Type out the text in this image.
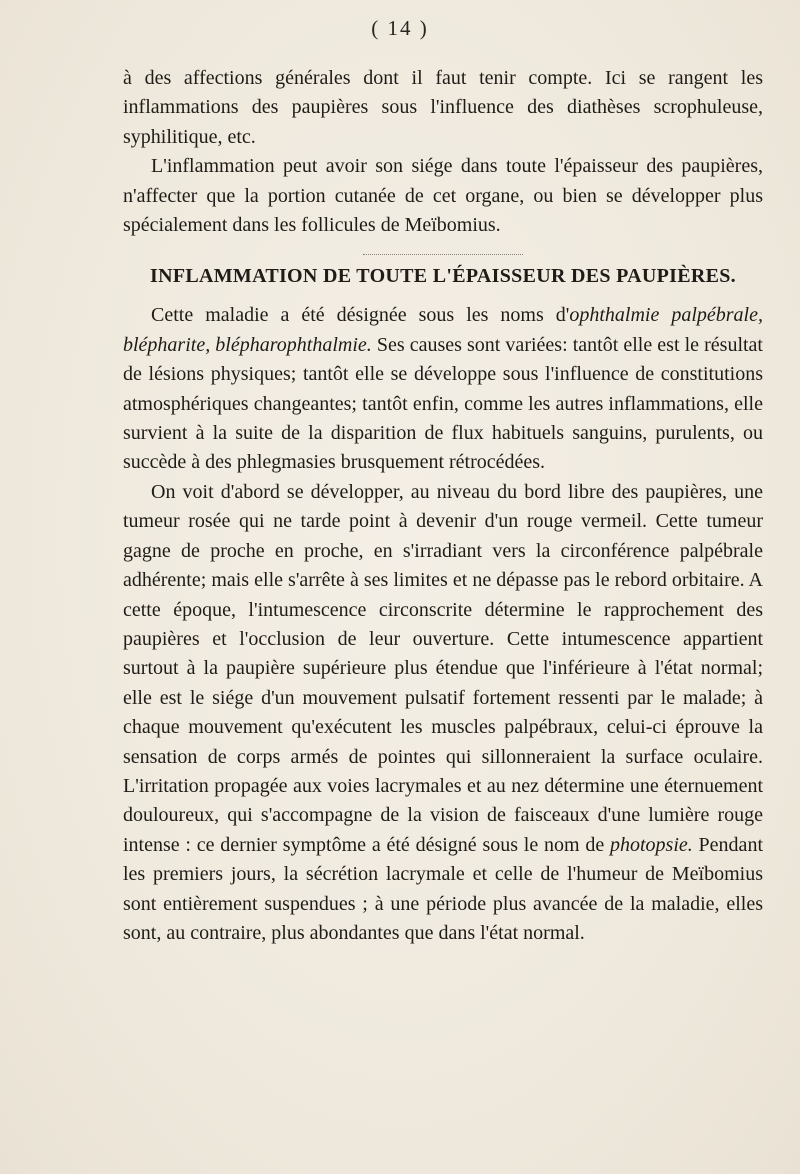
( 14 )

à des affections générales dont il faut tenir compte. Ici se rangent les inflammations des paupières sous l'influence des diathèses scrophuleuse, syphilitique, etc.

L'inflammation peut avoir son siége dans toute l'épaisseur des paupières, n'affecter que la portion cutanée de cet organe, ou bien se développer plus spécialement dans les follicules de Meïbomius.

INFLAMMATION DE TOUTE L'ÉPAISSEUR DES PAUPIÈRES.

Cette maladie a été désignée sous les noms d'ophthalmie palpébrale, blépharite, blépharophthalmie. Ses causes sont variées: tantôt elle est le résultat de lésions physiques; tantôt elle se développe sous l'influence de constitutions atmosphériques changeantes; tantôt enfin, comme les autres inflammations, elle survient à la suite de la disparition de flux habituels sanguins, purulents, ou succède à des phlegmasies brusquement rétrocédées.

On voit d'abord se développer, au niveau du bord libre des paupières, une tumeur rosée qui ne tarde point à devenir d'un rouge vermeil. Cette tumeur gagne de proche en proche, en s'irradiant vers la circonférence palpébrale adhérente; mais elle s'arrête à ses limites et ne dépasse pas le rebord orbitaire. A cette époque, l'intumescence circonscrite détermine le rapprochement des paupières et l'occlusion de leur ouverture. Cette intumescence appartient surtout à la paupière supérieure plus étendue que l'inférieure à l'état normal; elle est le siége d'un mouvement pulsatif fortement ressenti par le malade; à chaque mouvement qu'exécutent les muscles palpébraux, celui-ci éprouve la sensation de corps armés de pointes qui sillonneraient la surface oculaire. L'irritation propagée aux voies lacrymales et au nez détermine une éternuement douloureux, qui s'accompagne de la vision de faisceaux d'une lumière rouge intense : ce dernier symptôme a été désigné sous le nom de photopsie. Pendant les premiers jours, la sécrétion lacrymale et celle de l'humeur de Meïbomius sont entièrement suspendues ; à une période plus avancée de la maladie, elles sont, au contraire, plus abondantes que dans l'état normal.
